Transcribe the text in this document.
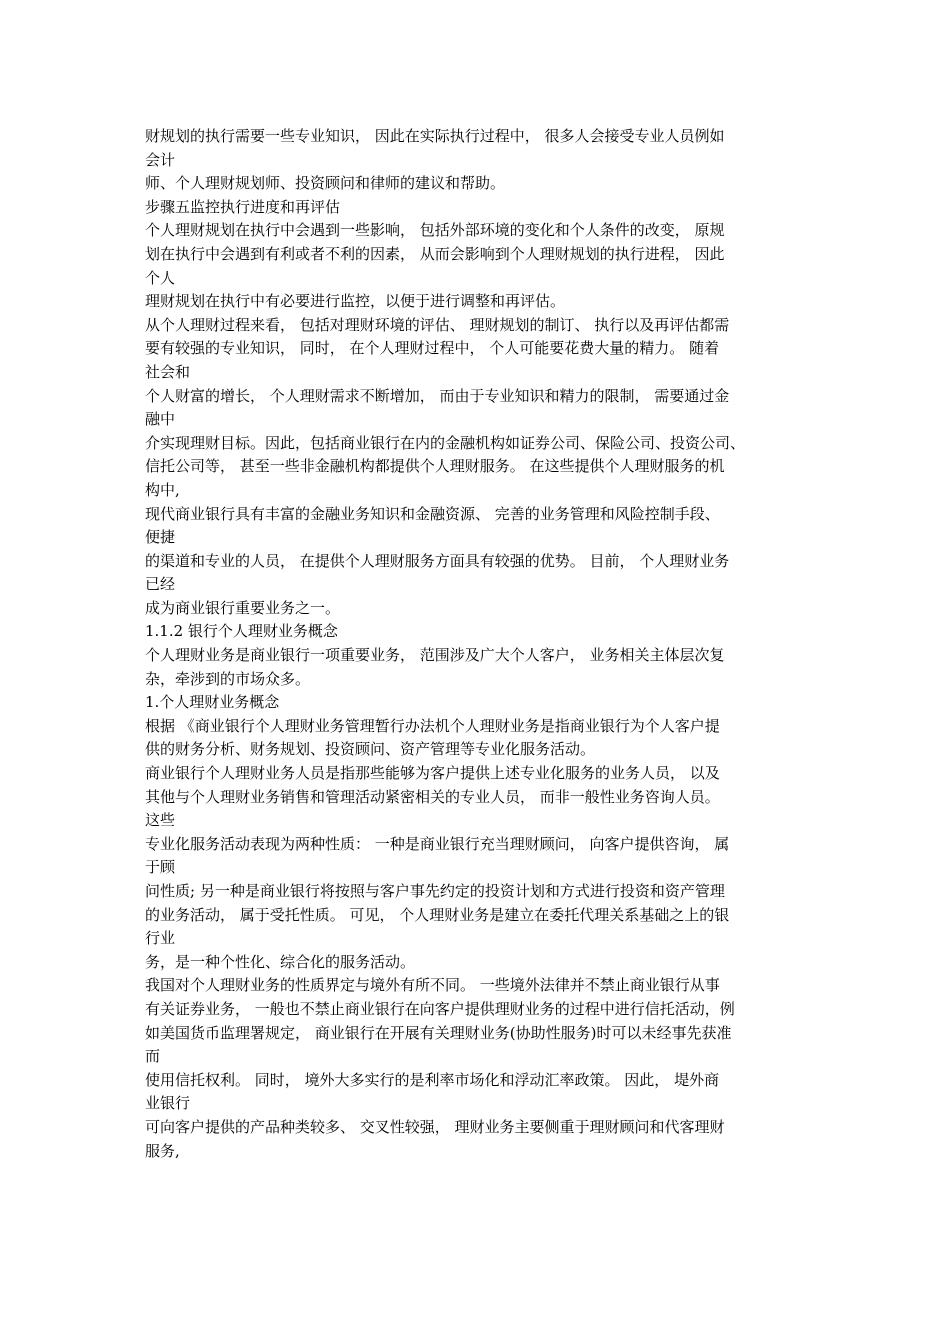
财规划的执行需要一些专业知识， 因此在实际执行过程中， 很多人会接受专业人员例如
会计
师、个人理财规划师、投资顾问和律师的建议和帮助。
步骤五监控执行进度和再评估
个人理财规划在执行中会遇到一些影响， 包括外部环境的变化和个人条件的改变， 原规
划在执行中会遇到有利或者不利的因素， 从而会影响到个人理财规划的执行进程， 因此
个人
理财规划在执行中有必要进行监控，以便于进行调整和再评估。
从个人理财过程来看， 包括对理财环境的评估、 理财规划的制订、 执行以及再评估都需
要有较强的专业知识， 同时， 在个人理财过程中， 个人可能要花费大量的精力。 随着
社会和
个人财富的增长， 个人理财需求不断增加， 而由于专业知识和精力的限制， 需要通过金
融中
介实现理财目标。因此，包括商业银行在内的金融机构如证券公司、保险公司、投资公司、
信托公司等， 甚至一些非金融机构都提供个人理财服务。 在这些提供个人理财服务的机
构中,
现代商业银行具有丰富的金融业务知识和金融资源、 完善的业务管理和风险控制手段、
便捷
的渠道和专业的人员， 在提供个人理财服务方面具有较强的优势。 目前， 个人理财业务
已经
成为商业银行重要业务之一。
1.1.2 银行个人理财业务概念
个人理财业务是商业银行一项重要业务， 范围涉及广大个人客户， 业务相关主体层次复
杂，牵涉到的市场众多。
1.个人理财业务概念
根据 《商业银行个人理财业务管理暂行办法机个人理财业务是指商业银行为个人客户提
供的财务分析、财务规划、投资顾问、资产管理等专业化服务活动。
商业银行个人理财业务人员是指那些能够为客户提供上述专业化服务的业务人员， 以及
其他与个人理财业务销售和管理活动紧密相关的专业人员， 而非一般性业务咨询人员。
这些
专业化服务活动表现为两种性质： 一种是商业银行充当理财顾问， 向客户提供咨询， 属
于顾
问性质; 另一种是商业银行将按照与客户事先约定的投资计划和方式进行投资和资产管理
的业务活动， 属于受托性质。 可见， 个人理财业务是建立在委托代理关系基础之上的银
行业
务，是一种个性化、综合化的服务活动。
我国对个人理财业务的性质界定与境外有所不同。 一些境外法律并不禁止商业银行从事
有关证券业务， 一般也不禁止商业银行在向客户提供理财业务的过程中进行信托活动，例
如美国货币监理署规定， 商业银行在开展有关理财业务(协助性服务)时可以未经事先获准
而
使用信托权利。 同时， 境外大多实行的是利率市场化和浮动汇率政策。 因此， 堤外商
业银行
可向客户提供的产品种类较多、 交叉性较强， 理财业务主要侧重于理财顾问和代客理财
服务,
